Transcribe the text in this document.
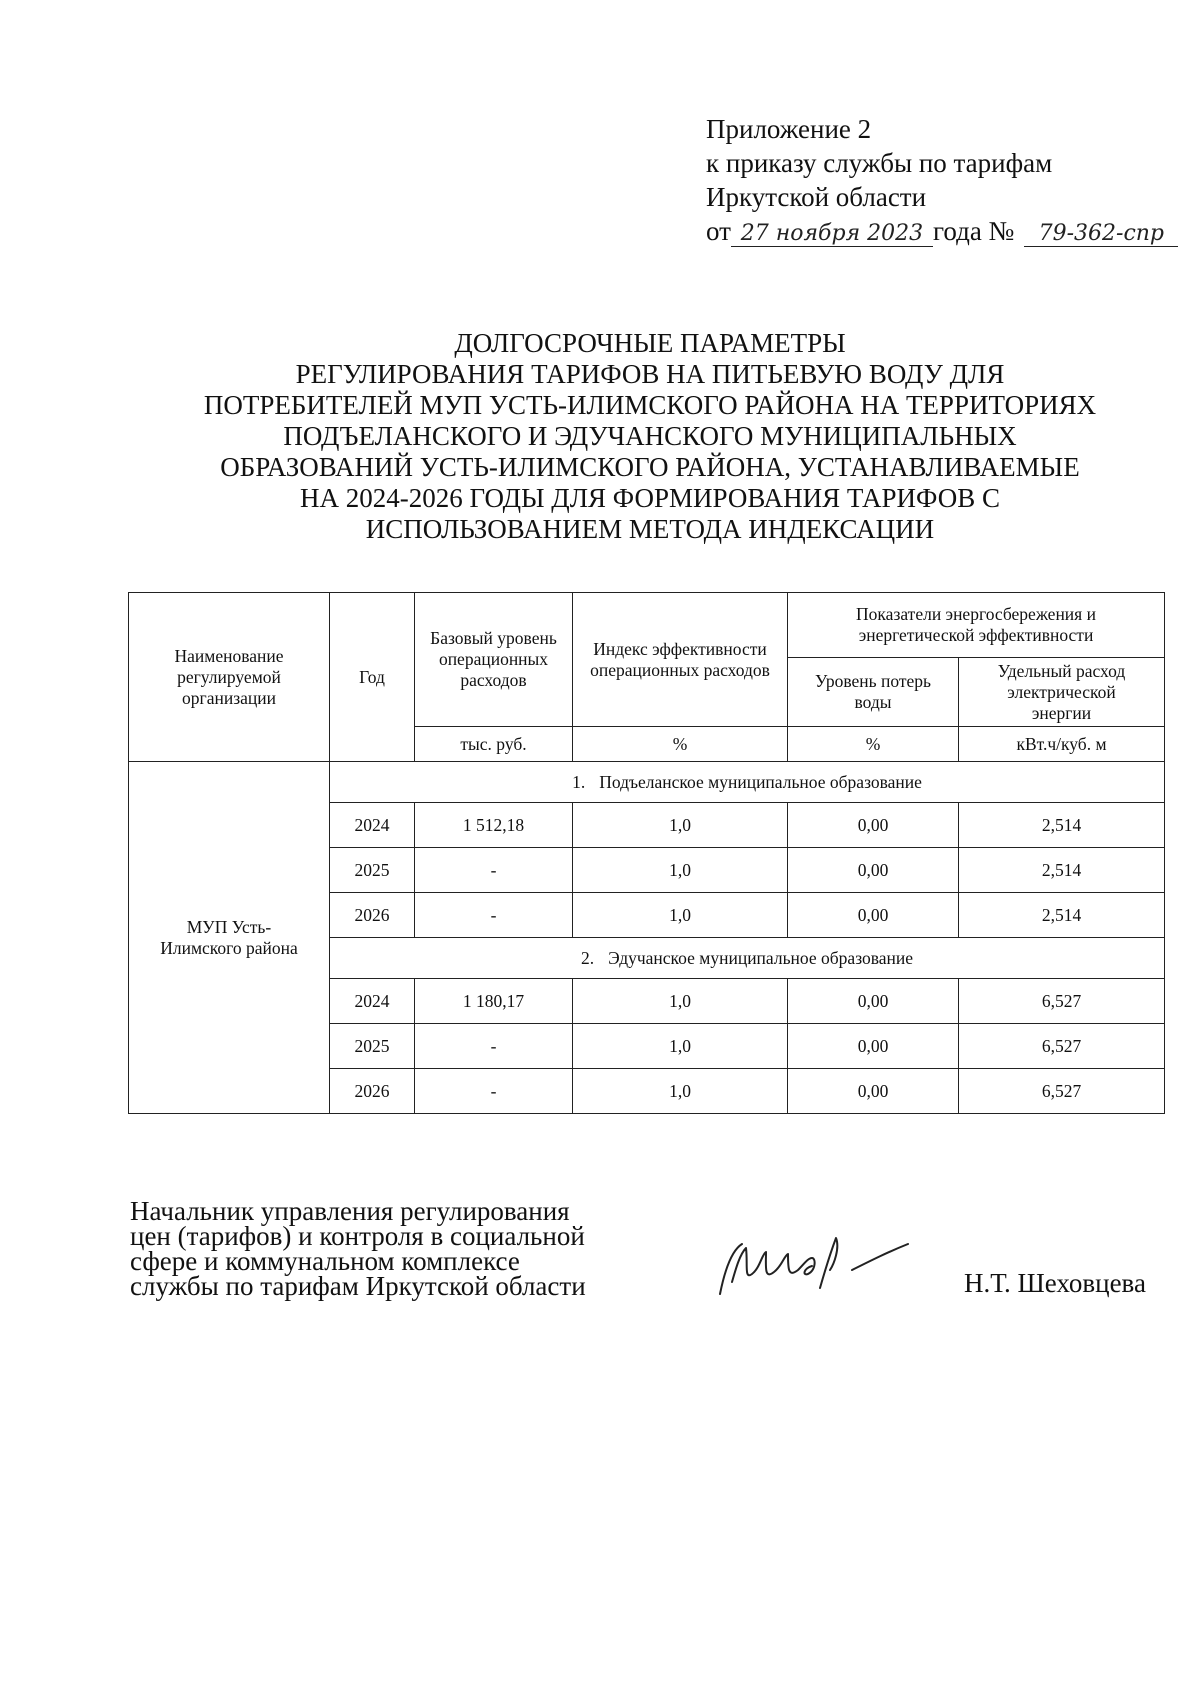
Приложение 2
к приказу службы по тарифам
Иркутской области
от 27 ноября 2023 года № 79-362-спр
ДОЛГОСРОЧНЫЕ ПАРАМЕТРЫ
РЕГУЛИРОВАНИЯ ТАРИФОВ НА ПИТЬЕВУЮ ВОДУ ДЛЯ
ПОТРЕБИТЕЛЕЙ МУП УСТЬ-ИЛИМСКОГО РАЙОНА НА ТЕРРИТОРИЯХ
ПОДЪЕЛАНСКОГО И ЭДУЧАНСКОГО МУНИЦИПАЛЬНЫХ
ОБРАЗОВАНИЙ УСТЬ-ИЛИМСКОГО РАЙОНА, УСТАНАВЛИВАЕМЫЕ
НА 2024-2026 ГОДЫ ДЛЯ ФОРМИРОВАНИЯ ТАРИФОВ С
ИСПОЛЬЗОВАНИЕМ МЕТОДА ИНДЕКСАЦИИ
Наименование регулируемой организации	Год	Базовый уровень операционных расходов	Индекс эффективности операционных расходов	Показатели энергосбережения и энергетической эффективности	
				Уровень потерь воды	Удельный расход электрической энергии
		тыс. руб.	%	%	кВт.ч/куб. м
МУП Усть-Илимского района	1. Подъеланское муниципальное образование				
	2024	1 512,18	1,0	0,00	2,514
	2025	-	1,0	0,00	2,514
	2026	-	1,0	0,00	2,514
	2. Эдучанское муниципальное образование				
	2024	1 180,17	1,0	0,00	6,527
	2025	-	1,0	0,00	6,527
	2026	-	1,0	0,00	6,527
Начальник управления регулирования
цен (тарифов) и контроля в социальной
сфере и коммунальном комплексе
службы по тарифам Иркутской области	Н.Т. Шеховцева
